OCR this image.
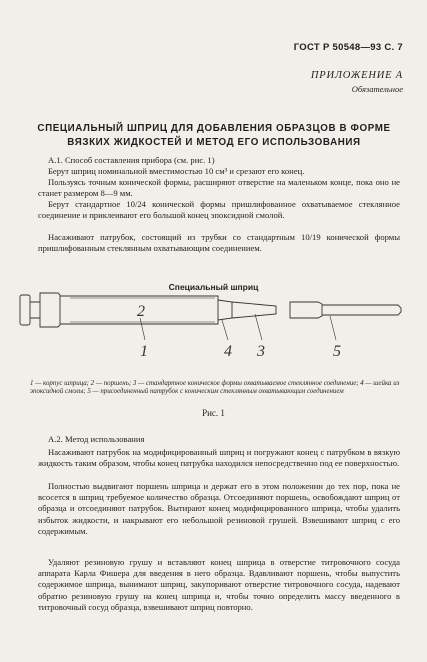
ГОСТ Р 50548—93 С. 7
ПРИЛОЖЕНИЕ А
Обязательное
СПЕЦИАЛЬНЫЙ ШПРИЦ ДЛЯ ДОБАВЛЕНИЯ ОБРАЗЦОВ В ФОРМЕ ВЯЗКИХ ЖИДКОСТЕЙ И МЕТОД ЕГО ИСПОЛЬЗОВАНИЯ
А.1. Способ составления прибора (см. рис. 1)
Берут шприц номинальной вместимостью 10 см³ и срезают его конец.
Пользуясь точным конической формы, расширяют отверстие на маленьком конце, пока оно не станет размером 8—9 мм.
Берут стандартное 10/24 конической формы пришлифованное охватываемое стеклянное соединение и приклеивают его большой конец эпоксидной смолой.
Насаживают патрубок, состоящий из трубки со стандартным 10/19 конической формы пришлифованным стеклянным охватывающим соединением.
Специальный шприц
2
1	4 3	5
1 — корпус шприца; 2 — поршень; 3 — стандартное коническое формы охватываемое стеклянное соединение; 4 — шейка из эпоксидной смолы; 5 — присоединенный патрубок с коническим стеклянным охватывающим соединением
Рис. 1
А.2. Метод использования
Насаживают патрубок на модифицированный шприц и погружают конец с патрубком в вязкую жидкость таким образом, чтобы конец патрубка находился непосредственно под ее поверхностью.
Полностью выдвигают поршень шприца и держат его в этом положении до тех пор, пока не всосется в шприц требуемое количество образца. Отсоединяют поршень, освобождают шприц от образца и отсоединяют патрубок. Вытирают конец модифицированного шприца, чтобы удалить избыток жидкости, и накрывают его небольшой резиновой грушей. Взвешивают шприц с его содержимым.
Удаляют резиновую грушу и вставляют конец шприца в отверстие титровочного сосуда аппарата Карла Фишера для введения в него образца. Вдавливают поршень, чтобы выпустить содержимое шприца, вынимают шприц, закупоривают отверстие титровочного сосуда, надевают обратно резиновую грушу на конец шприца и, чтобы точно определить массу введенного в титровочный сосуд образца, взвешивают шприц повторно.
